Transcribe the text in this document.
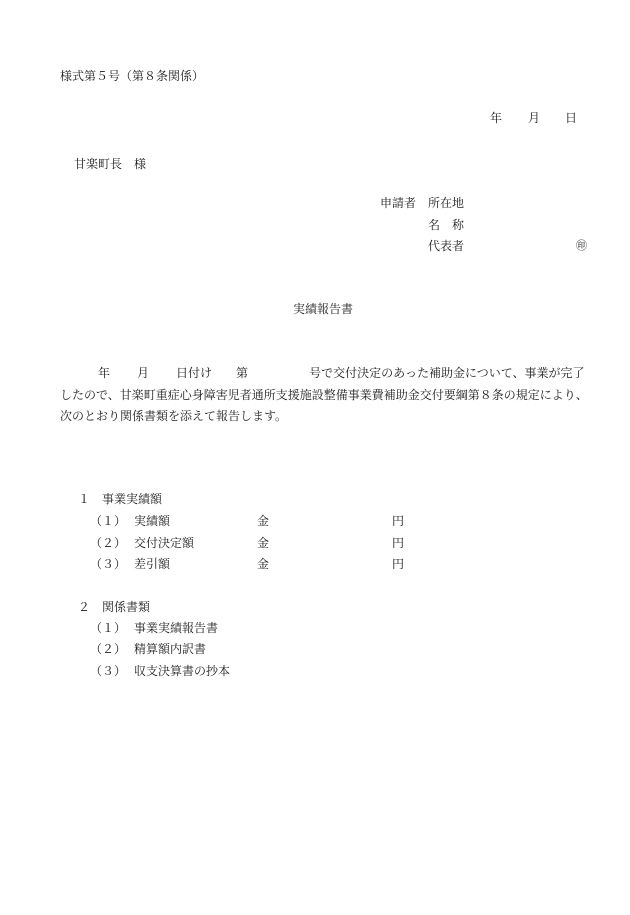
様式第５号（第８条関係）
年 月 日
甘楽町長　様
申請者 所在地
名　称
代表者	㊞
実績報告書
年 月 日付け 第	号で交付決定のあった補助金について、事業が完了
したので、甘楽町重症心身障害児者通所支援施設整備事業費補助金交付要綱第８条の規定により、
次のとおり関係書類を添えて報告します。
１　事業実績額
（１） 実績額	金	円
（２） 交付決定額	金	円
（３） 差引額	金	円
２　関係書類
（１） 事業実績報告書
（２） 精算額内訳書
（３） 収支決算書の抄本
